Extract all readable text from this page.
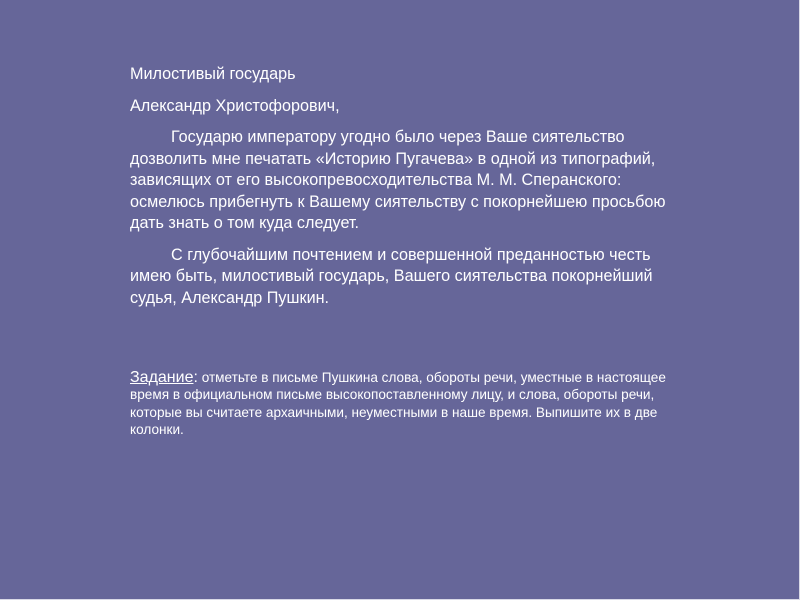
Милостивый государь

Александр Христофорович,

Государю императору угодно было через Ваше сиятельство дозволить мне печатать «Историю Пугачева» в одной из типографий, зависящих от его высокопревосходительства М. М. Сперанского: осмелюсь прибегнуть к Вашему сиятельству с покорнейшею просьбою дать знать о том куда следует.

С глубочайшим почтением и совершенной преданностью честь имею быть, милостивый государь, Вашего сиятельства покорнейший судья, Александр Пушкин.

Задание: отметьте в письме Пушкина слова, обороты речи, уместные в настоящее время в официальном письме высокопоставленному лицу, и слова, обороты речи, которые вы считаете архаичными, неуместными в наше время. Выпишите их в две колонки.
